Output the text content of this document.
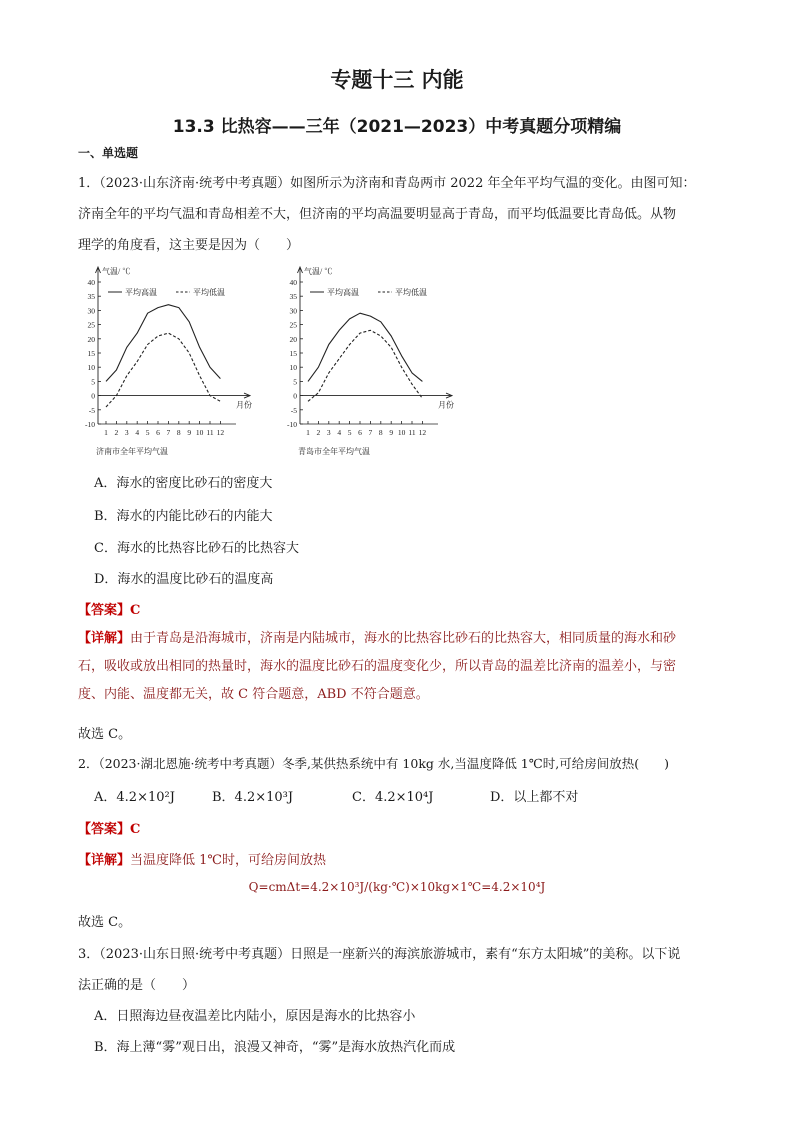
专题十三 内能
13.3 比热容——三年（2021—2023）中考真题分项精编
一、单选题
1．（2023·山东济南·统考中考真题）如图所示为济南和青岛两市 2022 年全年平均气温的变化。由图可知：
济南全年的平均气温和青岛相差不大，但济南的平均高温要明显高于青岛，而平均低温要比青岛低。从物
理学的角度看，这主要是因为（　　）
-10
-5
0
5
10
15
20
25
30
35
40
1 2 3 4 5 6 7 8 9 10 11 12
气温/ ℃
月份
平均高温	平均低温
济南市全年平均气温
-10
-5
0
5
10
15
20
25
30
35
40
1 2 3 4 5 6 7 8 9 10 11 12
气温/ ℃
月份
平均高温	平均低温
青岛市全年平均气温
A．海水的密度比砂石的密度大
B．海水的内能比砂石的内能大
C．海水的比热容比砂石的比热容大
D．海水的温度比砂石的温度高
【答案】C
【详解】由于青岛是沿海城市，济南是内陆城市，海水的比热容比砂石的比热容大，相同质量的海水和砂
石，吸收或放出相同的热量时，海水的温度比砂石的温度变化少，所以青岛的温差比济南的温差小，与密
度、内能、温度都无关，故 C 符合题意，ABD 不符合题意。
故选 C。
2．（2023·湖北恩施·统考中考真题）冬季,某供热系统中有 10kg 水,当温度降低 1℃时,可给房间放热(　　)
A．4.2×10²J	B．4.2×10³J	C．4.2×10⁴J	D．以上都不对
【答案】C
【详解】当温度降低 1℃时，可给房间放热
Q=cmΔt=4.2×10³J/(kg·℃)×10kg×1℃=4.2×10⁴J
故选 C。
3．（2023·山东日照·统考中考真题）日照是一座新兴的海滨旅游城市，素有“东方太阳城”的美称。以下说
法正确的是（　　）
A．日照海边昼夜温差比内陆小，原因是海水的比热容小
B．海上薄“雾”观日出，浪漫又神奇，“雾”是海水放热汽化而成
